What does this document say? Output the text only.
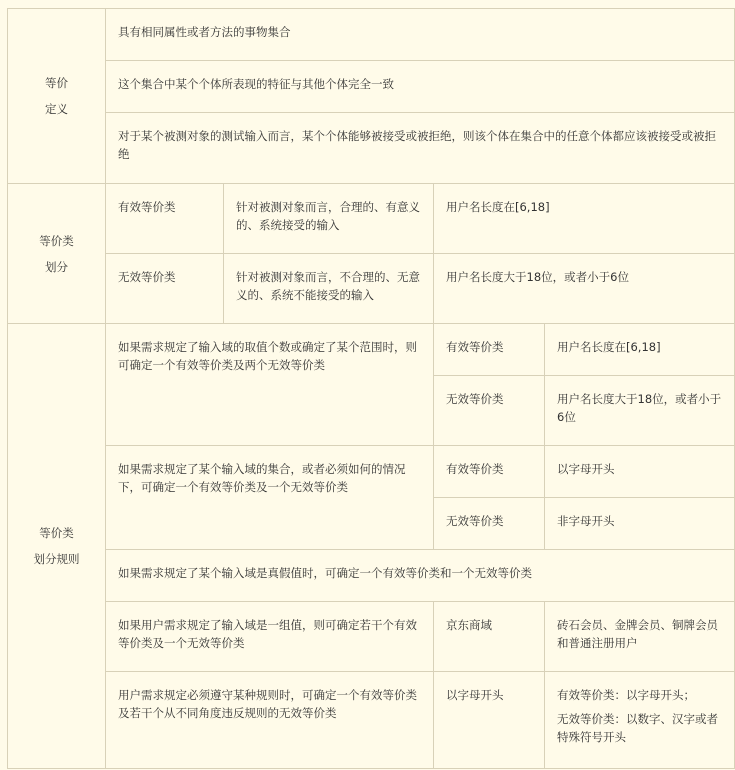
等价
定义	具有相同属性或者方法的事物集合			
	这个集合中某个个体所表现的特征与其他个体完全一致			
	对于某个被测对象的测试输入而言，某个个体能够被接受或被拒绝，则该个体在集合中的任意个体都应该被接受或被拒绝			

等价类
划分	有效等价类	针对被测对象而言，合理的、有意义的、系统接受的输入	用户名长度在[6,18]	
	无效等价类	针对被测对象而言，不合理的、无意义的、系统不能接受的输入	用户名长度大于18位，或者小于6位	

等价类
划分规则	如果需求规定了输入域的取值个数或确定了某个范围时，则可确定一个有效等价类及两个无效等价类		有效等价类	用户名长度在[6,18]
			无效等价类	用户名长度大于18位，或者小于6位
	如果需求规定了某个输入域的集合，或者必须如何的情况下，可确定一个有效等价类及一个无效等价类		有效等价类	以字母开头
			无效等价类	非字母开头
	如果需求规定了某个输入域是真假值时，可确定一个有效等价类和一个无效等价类			
	如果用户需求规定了输入域是一组值，则可确定若干个有效等价类及一个无效等价类		京东商域	砖石会员、金牌会员、铜牌会员和普通注册用户
	用户需求规定必须遵守某种规则时，可确定一个有效等价类及若干个从不同角度违反规则的无效等价类		以字母开头	有效等价类：以字母开头；
无效等价类：以数字、汉字或者特殊符号开头
